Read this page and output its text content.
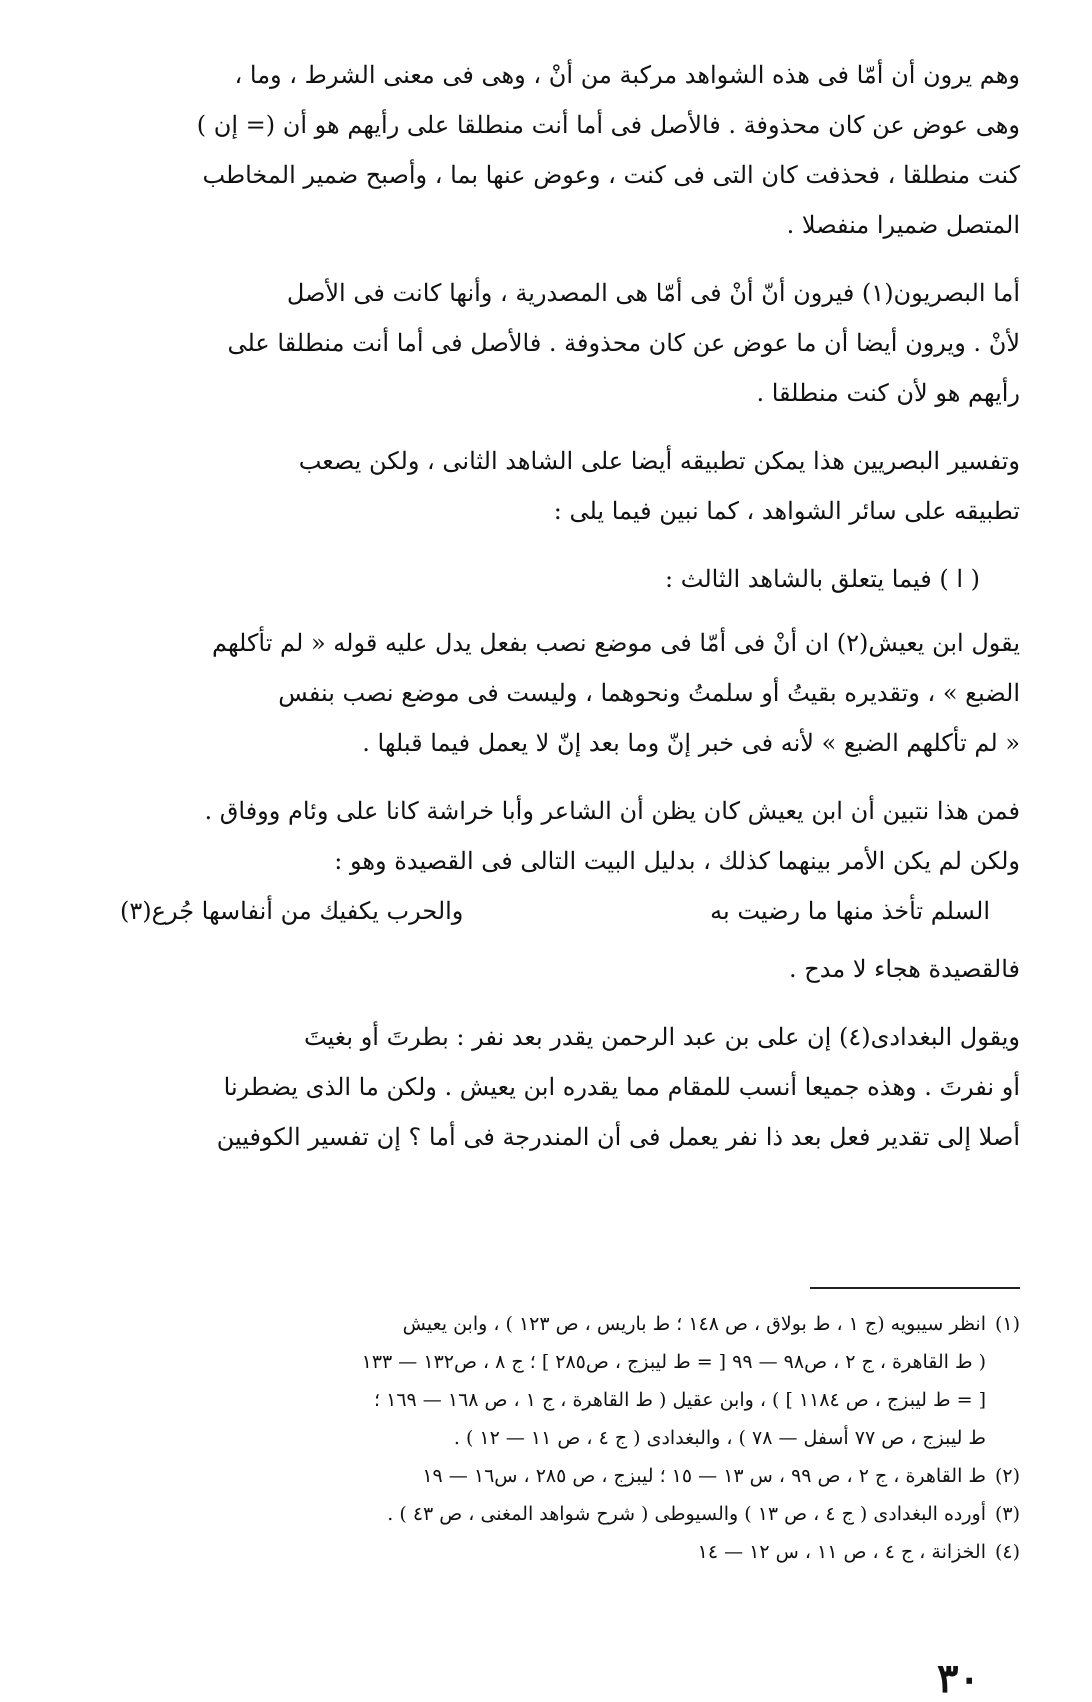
وهم يرون أن أمّا فى هذه الشواهد مركبة من أنْ ، وهى فى معنى الشرط ، وما ،
وهى عوض عن كان محذوفة . فالأصل فى أما أنت منطلقا على رأيهم هو أن (= إن )
كنت منطلقا ، فحذفت كان التى فى كنت ، وعوض عنها بما ، وأصبح ضمير المخاطب
المتصل ضميرا منفصلا .
أما البصريون(١) فيرون أنّ أنْ فى أمّا هى المصدرية ، وأنها كانت فى الأصل
لأنْ . ويرون أيضا أن ما عوض عن كان محذوفة . فالأصل فى أما أنت منطلقا على
رأيهم هو لأن كنت منطلقا .
وتفسير البصريين هذا يمكن تطبيقه أيضا على الشاهد الثانى ، ولكن يصعب
تطبيقه على سائر الشواهد ، كما نبين فيما يلى :
( ا ) فيما يتعلق بالشاهد الثالث :
يقول ابن يعيش(٢) ان أنْ فى أمّا فى موضع نصب بفعل يدل عليه قوله « لم تأكلهم
الضبع » ، وتقديره بقيتُ أو سلمتُ ونحوهما ، وليست فى موضع نصب بنفس
« لم تأكلهم الضبع » لأنه فى خبر إنّ وما بعد إنّ لا يعمل فيما قبلها .
فمن هذا نتبين أن ابن يعيش كان يظن أن الشاعر وأبا خراشة كانا على وئام ووفاق .
ولكن لم يكن الأمر بينهما كذلك ، بدليل البيت التالى فى القصيدة وهو :
السلم تأخذ منها ما رضيت به
والحرب يكفيك من أنفاسها جُرع(٣)
فالقصيدة هجاء لا مدح .
ويقول البغدادى(٤) إن على بن عبد الرحمن يقدر بعد نفر : بطرتَ أو بغيتَ
أو نفرتَ . وهذه جميعا أنسب للمقام مما يقدره ابن يعيش . ولكن ما الذى يضطرنا
أصلا إلى تقدير فعل بعد ذا نفر يعمل فى أن المندرجة فى أما ؟ إن تفسير الكوفيين
(١)انظر سيبويه (ج ١ ، ط بولاق ، ص ١٤٨ ؛ ط باريس ، ص ١٢٣ ) ، وابن يعيش
( ط القاهرة ، ج ٢ ، ص٩٨ — ٩٩ [ = ط ليبزج ، ص٢٨٥ ] ؛ ج ٨ ، ص١٣٢ — ١٣٣
[ = ط ليبزج ، ص ١١٨٤ ] ) ، وابن عقيل ( ط القاهرة ، ج ١ ، ص ١٦٨ — ١٦٩ ؛
ط ليبزج ، ص ٧٧ أسفل — ٧٨ ) ، والبغدادى ( ج ٤ ، ص ١١ — ١٢ ) .
(٢)ط القاهرة ، ج ٢ ، ص ٩٩ ، س ١٣ — ١٥ ؛ ليبزج ، ص ٢٨٥ ، س١٦ — ١٩
(٣)أورده البغدادى ( ج ٤ ، ص ١٣ ) والسيوطى ( شرح شواهد المغنى ، ص ٤٣ ) .
(٤)الخزانة ، ج ٤ ، ص ١١ ، س ١٢ — ١٤
٣٠
